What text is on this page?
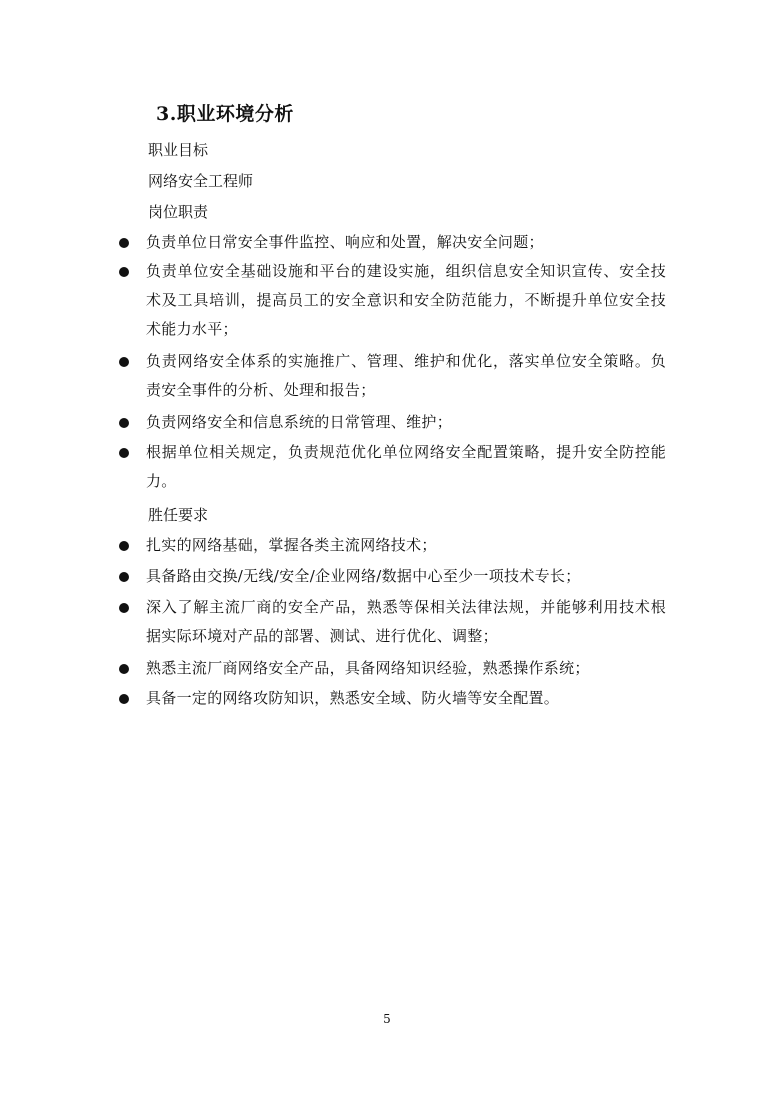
3.职业环境分析
职业目标
网络安全工程师
岗位职责
负责单位日常安全事件监控、响应和处置，解决安全问题；
负责单位安全基础设施和平台的建设实施，组织信息安全知识宣传、安全技术及工具培训，提高员工的安全意识和安全防范能力，不断提升单位安全技术能力水平；
负责网络安全体系的实施推广、管理、维护和优化，落实单位安全策略。负责安全事件的分析、处理和报告；
负责网络安全和信息系统的日常管理、维护；
根据单位相关规定，负责规范优化单位网络安全配置策略，提升安全防控能力。
胜任要求
扎实的网络基础，掌握各类主流网络技术；
具备路由交换/无线/安全/企业网络/数据中心至少一项技术专长；
深入了解主流厂商的安全产品，熟悉等保相关法律法规，并能够利用技术根据实际环境对产品的部署、测试、进行优化、调整；
熟悉主流厂商网络安全产品，具备网络知识经验，熟悉操作系统；
具备一定的网络攻防知识，熟悉安全域、防火墙等安全配置。
5
